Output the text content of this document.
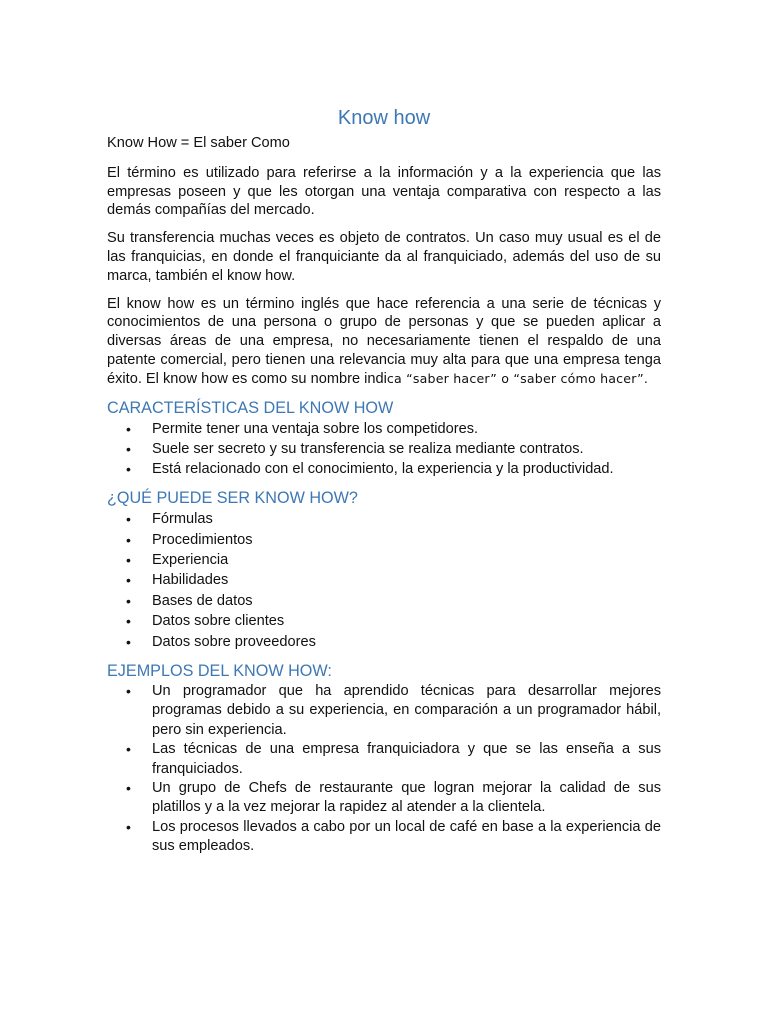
Know how

Know How = El saber Como

El término es utilizado para referirse a la información y a la experiencia que las empresas poseen y que les otorgan una ventaja comparativa con respecto a las demás compañías del mercado.

Su transferencia muchas veces es objeto de contratos. Un caso muy usual es el de las franquicias, en donde el franquiciante da al franquiciado, además del uso de su marca, también el know how.

El know how es un término inglés que hace referencia a una serie de técnicas y conocimientos de una persona o grupo de personas y que se pueden aplicar a diversas áreas de una empresa, no necesariamente tienen el respaldo de una patente comercial, pero tienen una relevancia muy alta para que una empresa tenga éxito. El know how es como su nombre indica “saber hacer” o “saber cómo hacer”.

CARACTERÍSTICAS DEL KNOW HOW
• Permite tener una ventaja sobre los competidores.
• Suele ser secreto y su transferencia se realiza mediante contratos.
• Está relacionado con el conocimiento, la experiencia y la productividad.
¿QUÉ PUEDE SER KNOW HOW?
• Fórmulas
• Procedimientos
• Experiencia
• Habilidades
• Bases de datos
• Datos sobre clientes
• Datos sobre proveedores
EJEMPLOS DEL KNOW HOW:
• Un programador que ha aprendido técnicas para desarrollar mejores programas debido a su experiencia, en comparación a un programador hábil, pero sin experiencia.
• Las técnicas de una empresa franquiciadora y que se las enseña a sus franquiciados.
• Un grupo de Chefs de restaurante que logran mejorar la calidad de sus platillos y a la vez mejorar la rapidez al atender a la clientela.
• Los procesos llevados a cabo por un local de café en base a la experiencia de sus empleados.
